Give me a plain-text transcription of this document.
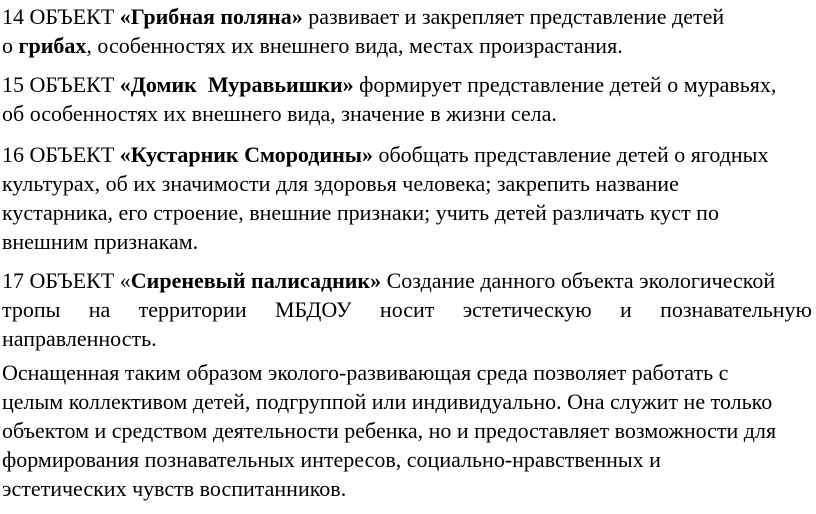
14 ОБЪЕКТ «Грибная поляна» развивает и закрепляет представление детей
о грибах, особенностях их внешнего вида, местах произрастания.

15 ОБЪЕКТ «Домик  Муравьишки» формирует представление детей о муравьях,
об особенностях их внешнего вида, значение в жизни села.

16 ОБЪЕКТ «Кустарник Смородины» обобщать представление детей о ягодных
культурах, об их значимости для здоровья человека; закрепить название
кустарника, его строение, внешние признаки; учить детей различать куст по
внешним признакам.

17 ОБЪЕКТ «Сиреневый палисадник» Создание данного объекта экологической
тропы на территории МБДОУ носит эстетическую и познавательную
направленность.

Оснащенная таким образом эколого-развивающая среда позволяет работать с
целым коллективом детей, подгруппой или индивидуально. Она служит не только
объектом и средством деятельности ребенка, но и предоставляет возможности для
формирования познавательных интересов, социально-нравственных и
эстетических чувств воспитанников.
